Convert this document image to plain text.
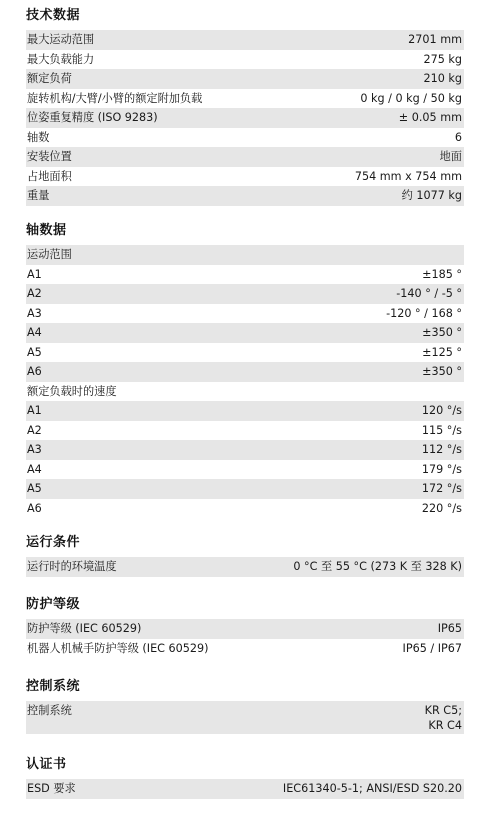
技术数据
最大运动范围	2701 mm
最大负载能力	275 kg
额定负荷	210 kg
旋转机构/大臂/小臂的额定附加负载	0 kg / 0 kg / 50 kg
位姿重复精度 (ISO 9283)	± 0.05 mm
轴数	6
安装位置	地面
占地面积	754 mm x 754 mm
重量	约 1077 kg
轴数据
运动范围
A1	±185 °
A2	-140 ° / -5 °
A3	-120 ° / 168 °
A4	±350 °
A5	±125 °
A6	±350 °
额定负载时的速度
A1	120 °/s
A2	115 °/s
A3	112 °/s
A4	179 °/s
A5	172 °/s
A6	220 °/s
运行条件
运行时的环境温度	0 °C 至 55 °C (273 K 至 328 K)
防护等级
防护等级 (IEC 60529)	IP65
机器人机械手防护等级 (IEC 60529)	IP65 / IP67
控制系统
控制系统	KR C5;
KR C4
认证书
ESD 要求	IEC61340-5-1; ANSI/ESD S20.20
